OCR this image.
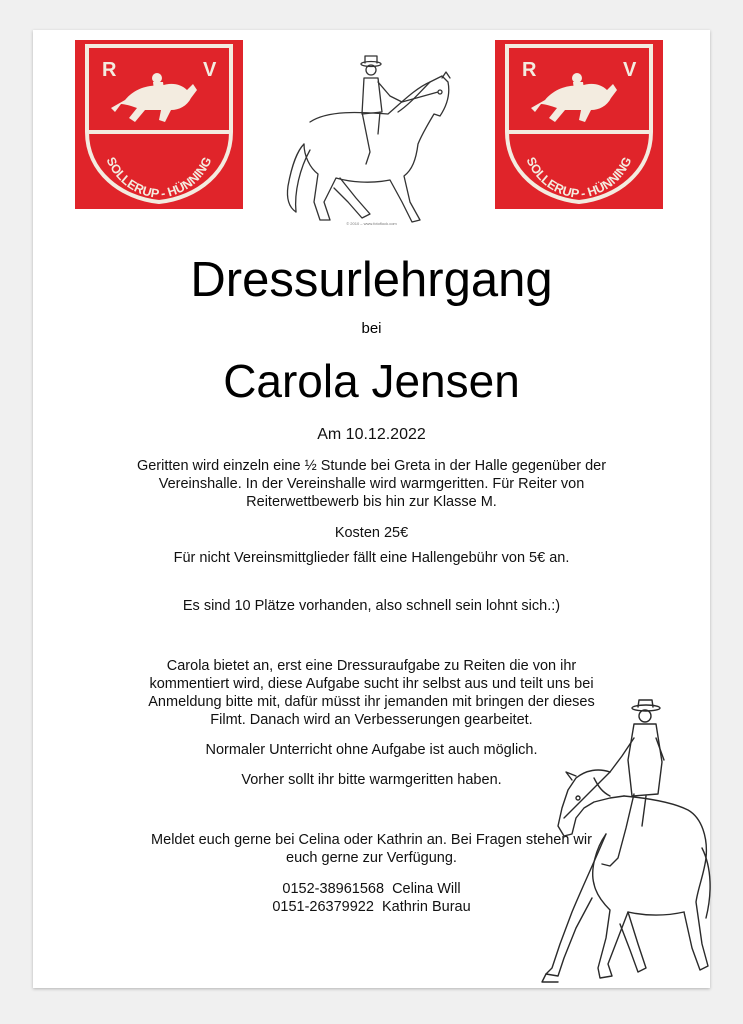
R	V
SOLLERUP - HÜNNING
© 2010 – www.fotoflock.com
R	V
SOLLERUP - HÜNNING
Dressurlehrgang
bei
Carola Jensen
Am 10.12.2022
Geritten wird einzeln eine ½ Stunde bei Greta in der Halle gegenüber der
Vereinshalle. In der Vereinshalle wird warmgeritten. Für Reiter von
Reiterwettbewerb bis hin zur Klasse M.
Kosten 25€
Für nicht Vereinsmittglieder fällt eine Hallengebühr von 5€ an.
Es sind 10 Plätze vorhanden, also schnell sein lohnt sich.:)
Carola bietet an, erst eine Dressuraufgabe zu Reiten die von ihr
kommentiert wird, diese Aufgabe sucht ihr selbst aus und teilt uns bei
Anmeldung bitte mit, dafür müsst ihr jemanden mit bringen der dieses
Filmt. Danach wird an Verbesserungen gearbeitet.
Normaler Unterricht ohne Aufgabe ist auch möglich.
Vorher sollt ihr bitte warmgeritten haben.
Meldet euch gerne bei Celina oder Kathrin an. Bei Fragen stehen wir
euch gerne zur Verfügung.
0152-38961568  Celina Will
0151-26379922  Kathrin Burau
